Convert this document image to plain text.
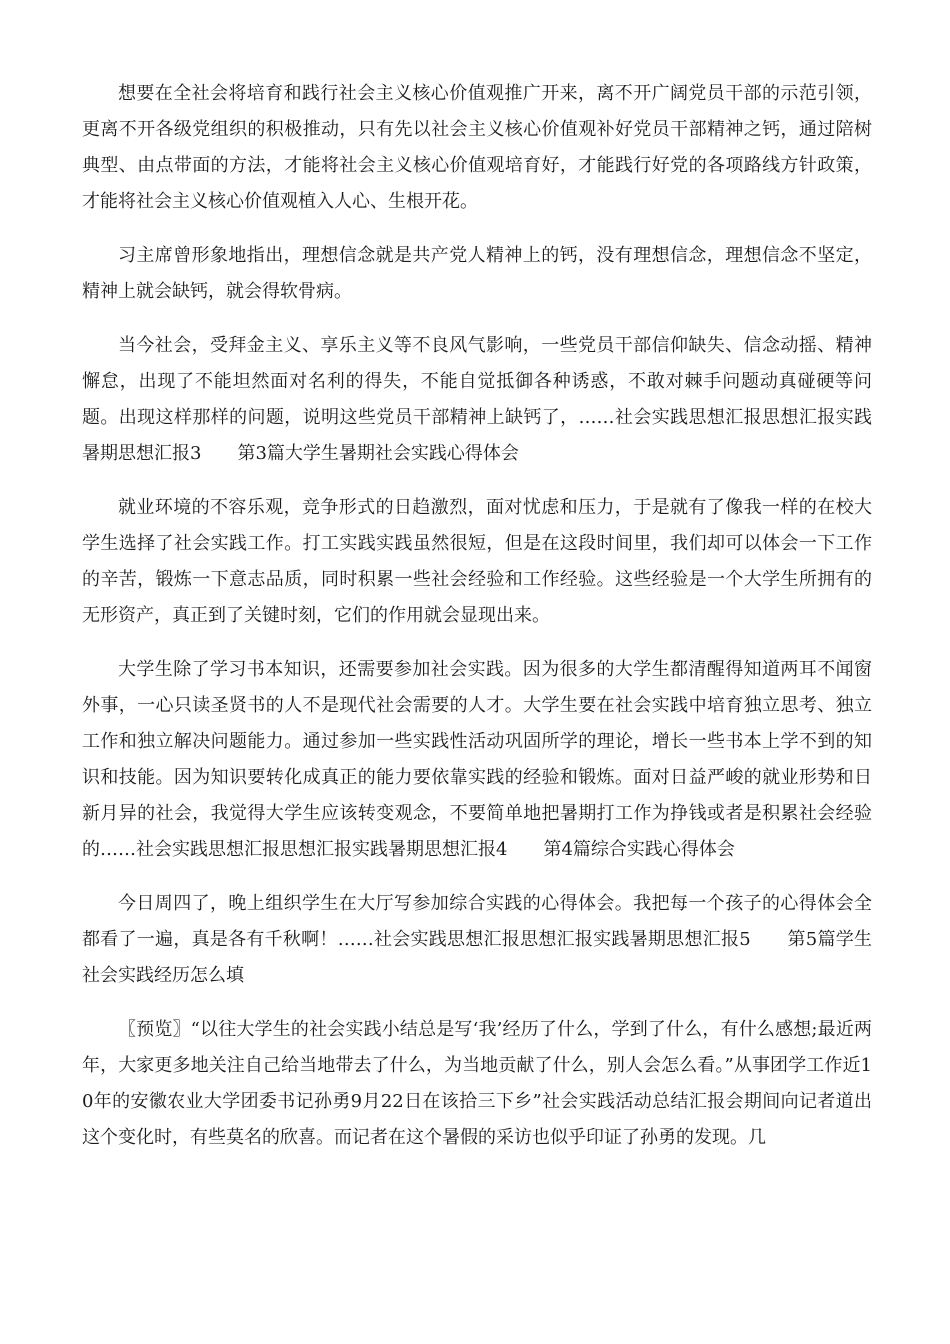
想要在全社会将培育和践行社会主义核心价值观推广开来，离不开广阔党员干部的示范引领，更离不开各级党组织的积极推动，只有先以社会主义核心价值观补好党员干部精神之钙，通过陪树典型、由点带面的方法，才能将社会主义核心价值观培育好，才能践行好党的各项路线方针政策，才能将社会主义核心价值观植入人心、生根开花。

习主席曾形象地指出，理想信念就是共产党人精神上的钙，没有理想信念，理想信念不坚定，精神上就会缺钙，就会得软骨病。

当今社会，受拜金主义、享乐主义等不良风气影响，一些党员干部信仰缺失、信念动摇、精神懈怠，出现了不能坦然面对名利的得失，不能自觉抵御各种诱惑，不敢对棘手问题动真碰硬等问题。出现这样那样的问题，说明这些党员干部精神上缺钙了，……社会实践思想汇报思想汇报实践暑期思想汇报3　　第3篇大学生暑期社会实践心得体会

就业环境的不容乐观，竞争形式的日趋激烈，面对忧虑和压力，于是就有了像我一样的在校大学生选择了社会实践工作。打工实践实践虽然很短，但是在这段时间里，我们却可以体会一下工作的辛苦，锻炼一下意志品质，同时积累一些社会经验和工作经验。这些经验是一个大学生所拥有的无形资产，真正到了关键时刻，它们的作用就会显现出来。

大学生除了学习书本知识，还需要参加社会实践。因为很多的大学生都清醒得知道两耳不闻窗外事，一心只读圣贤书的人不是现代社会需要的人才。大学生要在社会实践中培育独立思考、独立工作和独立解决问题能力。通过参加一些实践性活动巩固所学的理论，增长一些书本上学不到的知识和技能。因为知识要转化成真正的能力要依靠实践的经验和锻炼。面对日益严峻的就业形势和日新月异的社会，我觉得大学生应该转变观念，不要简单地把暑期打工作为挣钱或者是积累社会经验的……社会实践思想汇报思想汇报实践暑期思想汇报4　　第4篇综合实践心得体会

今日周四了，晚上组织学生在大厅写参加综合实践的心得体会。我把每一个孩子的心得体会全都看了一遍，真是各有千秋啊！……社会实践思想汇报思想汇报实践暑期思想汇报5　　第5篇学生社会实践经历怎么填

〖预览〗“以往大学生的社会实践小结总是写‘我’经历了什么，学到了什么，有什么感想;最近两年，大家更多地关注自己给当地带去了什么，为当地贡献了什么，别人会怎么看。”从事团学工作近10年的安徽农业大学团委书记孙勇9月22日在该拾三下乡”社会实践活动总结汇报会期间向记者道出这个变化时，有些莫名的欣喜。而记者在这个暑假的采访也似乎印证了孙勇的发现。几
